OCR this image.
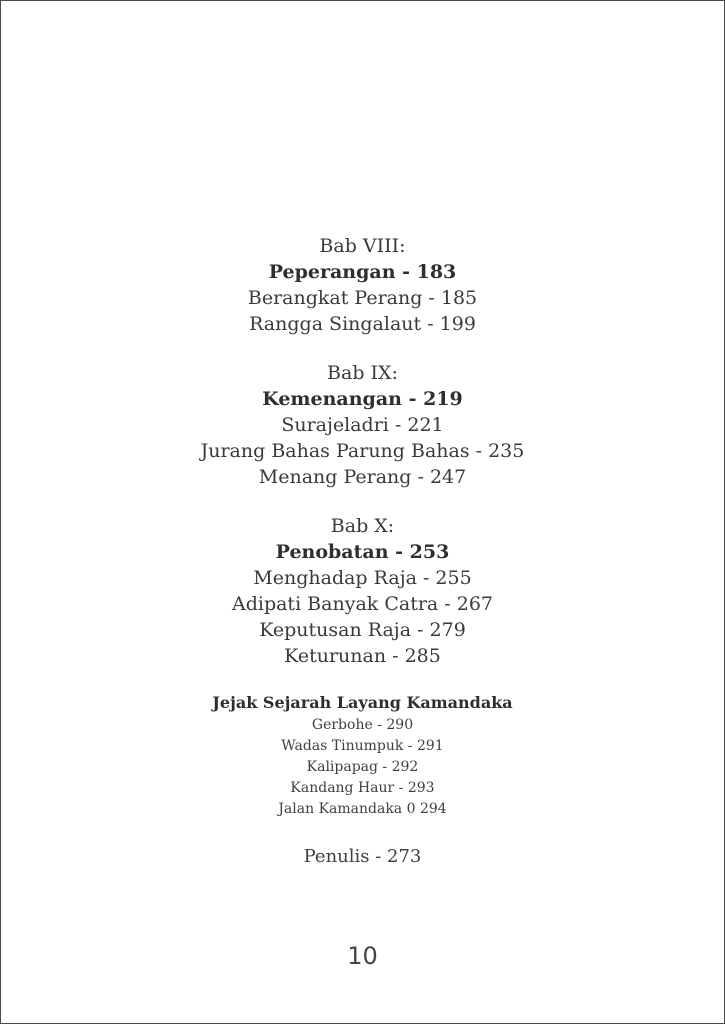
Bab VIII:

Peperangan - 183

Berangkat Perang - 185

Rangga Singalaut - 199

Bab IX:

Kemenangan - 219

Surajeladri - 221

Jurang Bahas Parung Bahas - 235

Menang Perang - 247

Bab X:

Penobatan - 253

Menghadap Raja - 255

Adipati Banyak Catra - 267

Keputusan Raja - 279

Keturunan - 285

Jejak Sejarah Layang Kamandaka

Gerbohe - 290

Wadas Tinumpuk - 291

Kalipapag - 292

Kandang Haur - 293

Jalan Kamandaka 0 294

Penulis - 273

10
